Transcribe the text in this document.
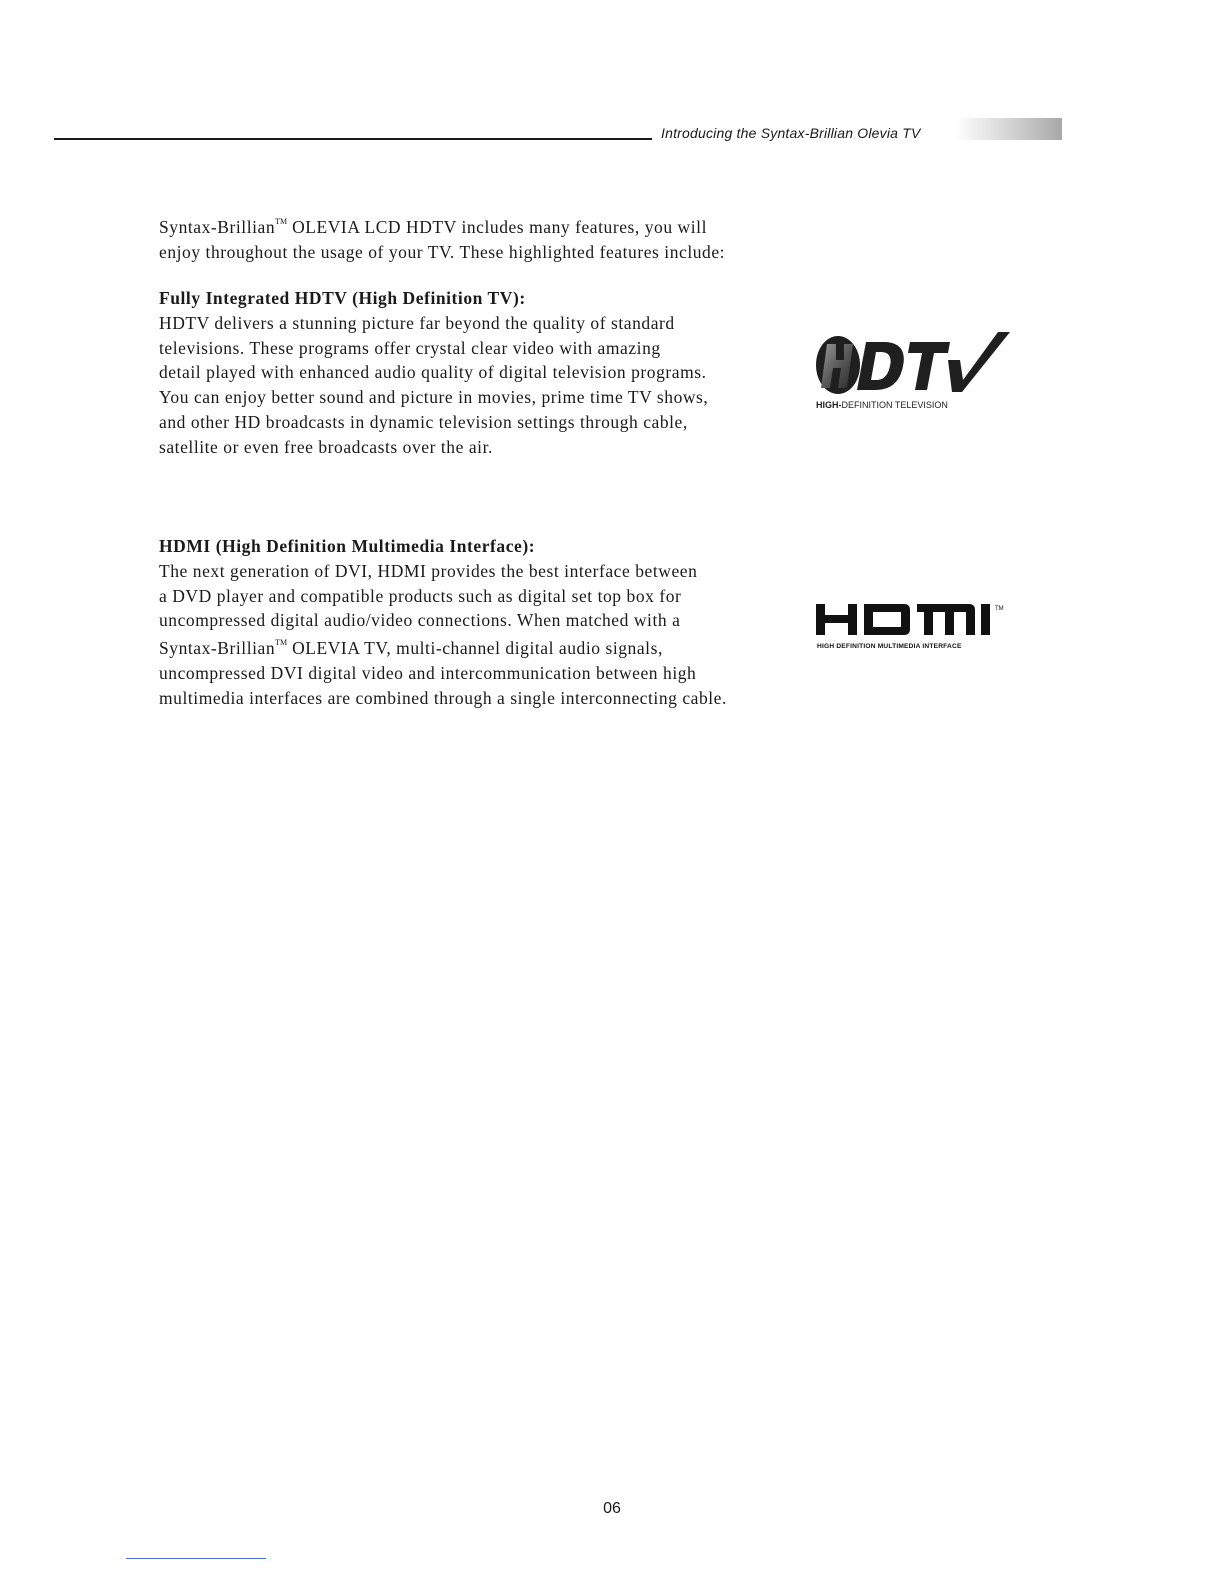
Introducing the Syntax-Brillian Olevia TV

Syntax-Brillian™ OLEVIA LCD HDTV includes many features, you will
enjoy throughout the usage of your TV. These highlighted features include:

Fully Integrated HDTV (High Definition TV):
HDTV delivers a stunning picture far beyond the quality of standard
televisions. These programs offer crystal clear video with amazing
detail played with enhanced audio quality of digital television programs.
You can enjoy better sound and picture in movies, prime time TV shows,
and other HD broadcasts in dynamic television settings through cable,
satellite or even free broadcasts over the air.
HIGH-DEFINITION TELEVISION
HDMI (High Definition Multimedia Interface):
The next generation of DVI, HDMI provides the best interface between
a DVD player and compatible products such as digital set top box for
uncompressed digital audio/video connections. When matched with a
Syntax-Brillian™ OLEVIA TV, multi-channel digital audio signals,
uncompressed DVI digital video and intercommunication between high
multimedia interfaces are combined through a single interconnecting cable.
TM
HIGH DEFINITION MULTIMEDIA INTERFACE
06
